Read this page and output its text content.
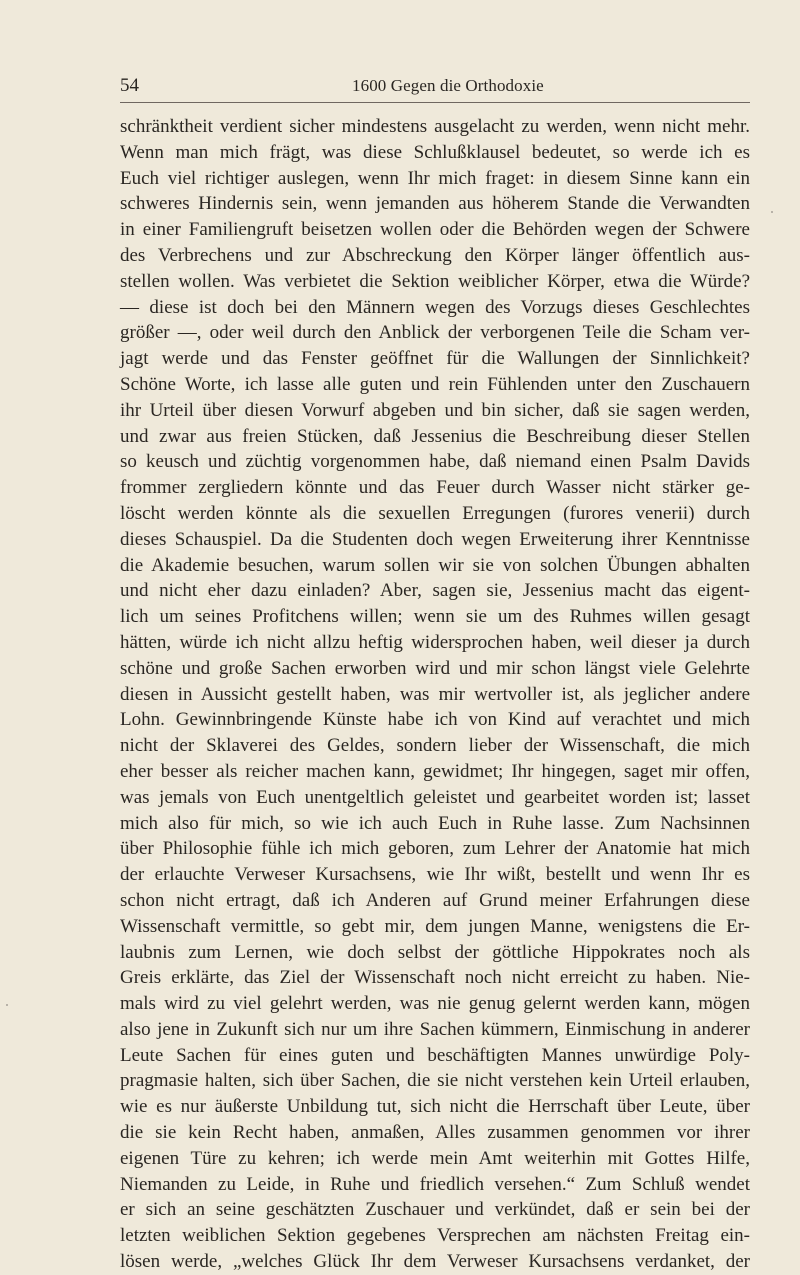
54	1600 Gegen die Orthodoxie
schränktheit verdient sicher mindestens ausgelacht zu werden, wenn nicht mehr.
Wenn man mich frägt, was diese Schlußklausel bedeutet, so werde ich es
Euch viel richtiger auslegen, wenn Ihr mich fraget: in diesem Sinne kann ein
schweres Hindernis sein, wenn jemanden aus höherem Stande die Verwandten
in einer Familiengruft beisetzen wollen oder die Behörden wegen der Schwere
des Verbrechens und zur Abschreckung den Körper länger öffentlich aus-
stellen wollen. Was verbietet die Sektion weiblicher Körper, etwa die Würde?
— diese ist doch bei den Männern wegen des Vorzugs dieses Geschlechtes
größer —, oder weil durch den Anblick der verborgenen Teile die Scham ver-
jagt werde und das Fenster geöffnet für die Wallungen der Sinnlichkeit?
Schöne Worte, ich lasse alle guten und rein Fühlenden unter den Zuschauern
ihr Urteil über diesen Vorwurf abgeben und bin sicher, daß sie sagen werden,
und zwar aus freien Stücken, daß Jessenius die Beschreibung dieser Stellen
so keusch und züchtig vorgenommen habe, daß niemand einen Psalm Davids
frommer zergliedern könnte und das Feuer durch Wasser nicht stärker ge-
löscht werden könnte als die sexuellen Erregungen (furores venerii) durch
dieses Schauspiel. Da die Studenten doch wegen Erweiterung ihrer Kenntnisse
die Akademie besuchen, warum sollen wir sie von solchen Übungen abhalten
und nicht eher dazu einladen? Aber, sagen sie, Jessenius macht das eigent-
lich um seines Profitchens willen; wenn sie um des Ruhmes willen gesagt
hätten, würde ich nicht allzu heftig widersprochen haben, weil dieser ja durch
schöne und große Sachen erworben wird und mir schon längst viele Gelehrte
diesen in Aussicht gestellt haben, was mir wertvoller ist, als jeglicher andere
Lohn. Gewinnbringende Künste habe ich von Kind auf verachtet und mich
nicht der Sklaverei des Geldes, sondern lieber der Wissenschaft, die mich
eher besser als reicher machen kann, gewidmet; Ihr hingegen, saget mir offen,
was jemals von Euch unentgeltlich geleistet und gearbeitet worden ist; lasset
mich also für mich, so wie ich auch Euch in Ruhe lasse. Zum Nachsinnen
über Philosophie fühle ich mich geboren, zum Lehrer der Anatomie hat mich
der erlauchte Verweser Kursachsens, wie Ihr wißt, bestellt und wenn Ihr es
schon nicht ertragt, daß ich Anderen auf Grund meiner Erfahrungen diese
Wissenschaft vermittle, so gebt mir, dem jungen Manne, wenigstens die Er-
laubnis zum Lernen, wie doch selbst der göttliche Hippokrates noch als
Greis erklärte, das Ziel der Wissenschaft noch nicht erreicht zu haben. Nie-
mals wird zu viel gelehrt werden, was nie genug gelernt werden kann, mögen
also jene in Zukunft sich nur um ihre Sachen kümmern, Einmischung in anderer
Leute Sachen für eines guten und beschäftigten Mannes unwürdige Poly-
pragmasie halten, sich über Sachen, die sie nicht verstehen kein Urteil erlauben,
wie es nur äußerste Unbildung tut, sich nicht die Herrschaft über Leute, über
die sie kein Recht haben, anmaßen, Alles zusammen genommen vor ihrer
eigenen Türe zu kehren; ich werde mein Amt weiterhin mit Gottes Hilfe,
Niemanden zu Leide, in Ruhe und friedlich versehen.“ Zum Schluß wendet
er sich an seine geschätzten Zuschauer und verkündet, daß er sein bei der
letzten weiblichen Sektion gegebenes Versprechen am nächsten Freitag ein-
lösen werde, „welches Glück Ihr dem Verweser Kursachsens verdanket, der
